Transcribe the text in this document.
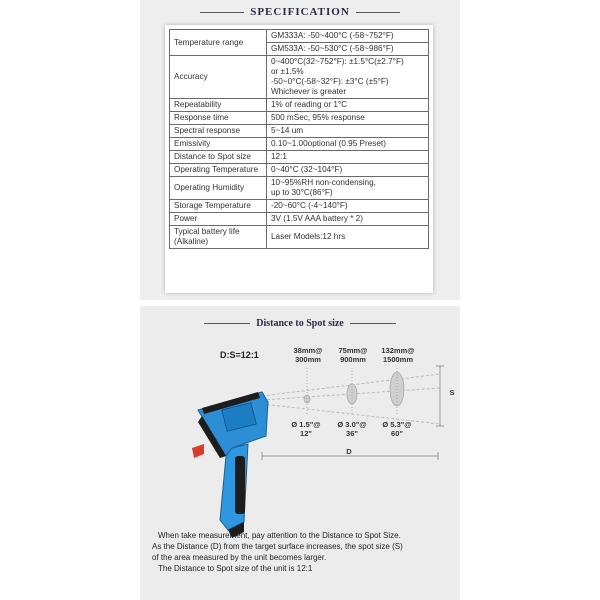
SPECIFICATION
Temperature range	GM333A: -50~400°C (-58~752°F)
	GM533A: -50~530°C (-58~986°F)
Accuracy	0~400°C(32~752°F): ±1.5°C(±2.7°F)
or ±1.5%
-50~0°C(-58~32°F): ±3°C (±5°F)
Whichever is greater

Repeatability	1% of reading or 1°C

Response time	500 mSec, 95% response

Spectral response	5~14 um

Emissivity	0.10~1.00optional (0.95 Preset)

Distance to Spot size	12:1

Operating Temperature	0~40°C (32~104°F)

Operating Humidity	10~95%RH non-condensing,
up to 30°C(86°F)

Storage Temperature	-20~60°C (-4~140°F)

Power	3V (1.5V AAA battery * 2)

Typical battery life (Alkaline)	Laser Models:12 hrs
Distance to Spot size
D:S=12:1	38mm@
300mm
75mm@
900mm
132mm@
1500mm
Ø 1.5"@
12"
Ø 3.0"@
36"
Ø 5.3"@
60"
S
D
When take measurement, pay attention to the Distance to Spot Size.
As the Distance (D) from the target surface increases, the spot size (S)
of the area measured by the unit becomes larger.
The Distance to Spot size of the unit is 12:1
